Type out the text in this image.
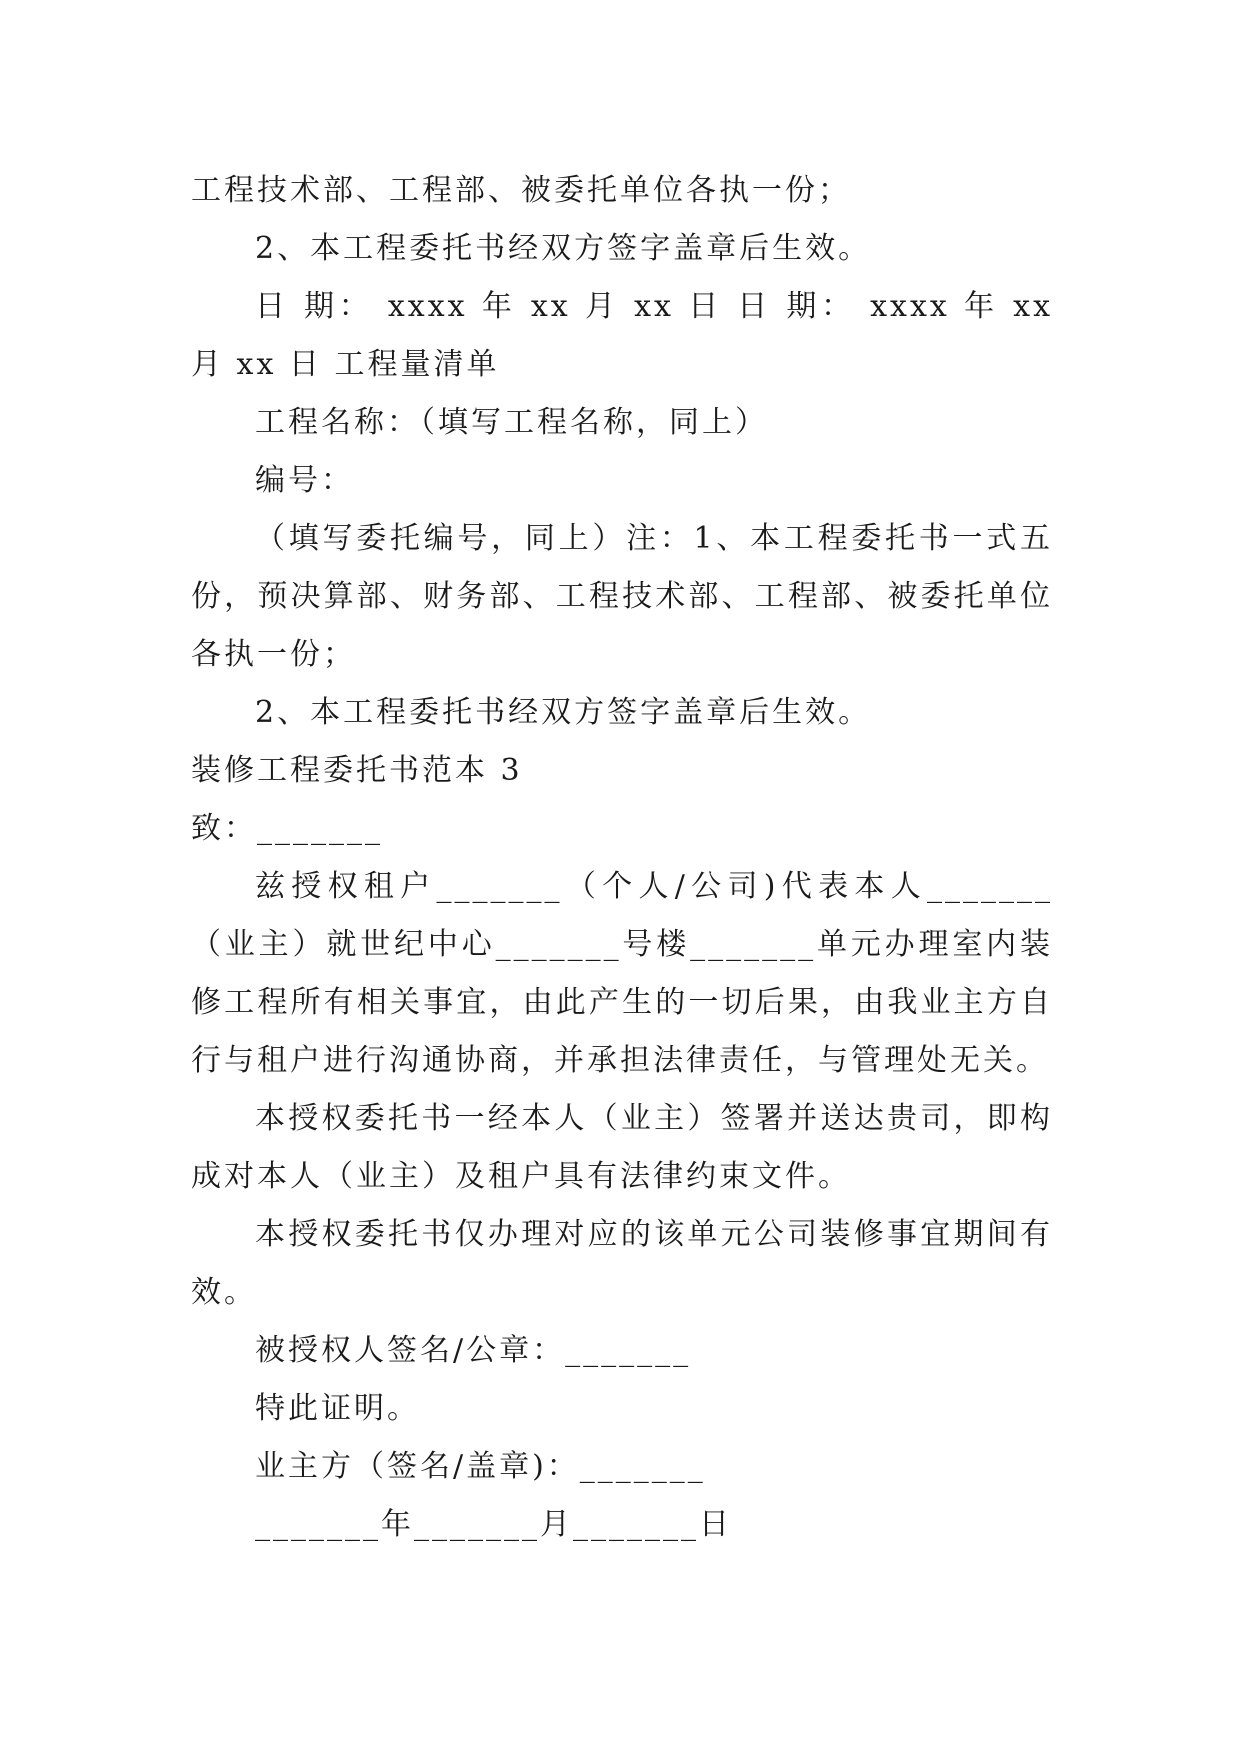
工程技术部、工程部、被委托单位各执一份；

2、本工程委托书经双方签字盖章后生效。

日 期： xxxx 年 xx 月 xx 日 日 期： xxxx 年 xx 月 xx 日 工程量清单

工程名称：（填写工程名称，同上）

编号：

（填写委托编号，同上）注：1、本工程委托书一式五份，预决算部、财务部、工程技术部、工程部、被委托单位各执一份；

2、本工程委托书经双方签字盖章后生效。

装修工程委托书范本 3

致：_______

兹授权租户_______（个人/公司)代表本人_______（业主）就世纪中心_______号楼_______单元办理室内装修工程所有相关事宜，由此产生的一切后果，由我业主方自行与租户进行沟通协商，并承担法律责任，与管理处无关。

本授权委托书一经本人（业主）签署并送达贵司，即构成对本人（业主）及租户具有法律约束文件。

本授权委托书仅办理对应的该单元公司装修事宜期间有效。

被授权人签名/公章：_______

特此证明。

业主方（签名/盖章)：_______

_______年_______月_______日
